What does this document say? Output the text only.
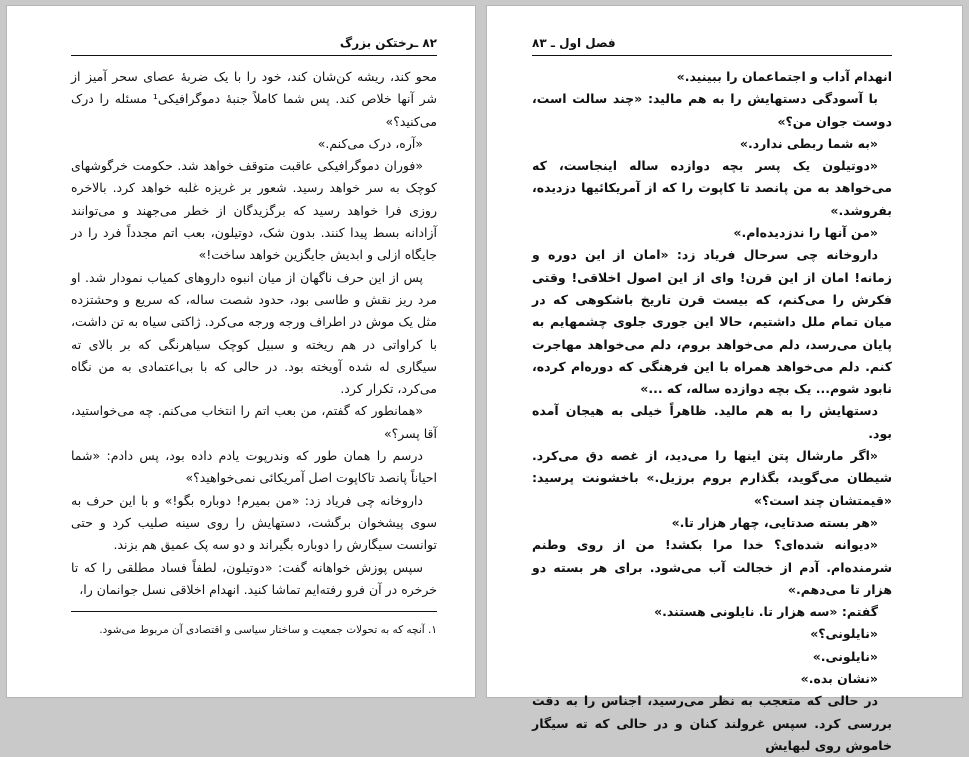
۸۲ ـرختکن بزرگ

محو کند، ریشه کن‌شان کند، خود را با یک ضربهٔ عصای سحر آمیز از شر آنها خلاص کند. پس شما کاملاً جنبهٔ دموگرافیکی¹ مسئله را درک می‌کنید؟»

«آره، درک می‌کنم.»

«فوران دموگرافیکی عاقبت متوقف خواهد شد. حکومت خرگوشهای کوچک به سر خواهد رسید. شعور بر غریزه غلبه خواهد کرد. بالاخره روزی فرا خواهد رسید که برگزیدگان از خطر می‌جهند و می‌توانند آزادانه بسط پیدا کنند. بدون شک، دوتیلون، بعب اتم مجدداً فرد را در جایگاه ازلی و ابدیش جایگزین خواهد ساخت!»

پس از این حرف ناگهان از میان انبوه داروهای کمیاب نمودار شد. او مرد ریز نقش و طاسی بود، حدود شصت ساله، که سریع و وحشتزده مثل یک موش در اطراف ورجه ورجه می‌کرد. ژاکتی سیاه به تن داشت، با کراواتی در هم ریخته و سبیل کوچک سیاهرنگی که بر بالای ته سیگاری له شده آویخته بود. در حالی که با بی‌اعتمادی به من نگاه می‌کرد، تکرار کرد.

«همانطور که گفتم، من بعب اتم را انتخاب می‌کنم. چه می‌خواستید، آقا پسر؟»

درسم را همان طور که وندرپوت یادم داده بود، پس دادم: «شما احیاناً پانصد تاکاپوت اصل آمریکائی نمی‌خواهید؟»

داروخانه چی فریاد زد: «من بمیرم! دوباره بگو!» و با این حرف به سوی پیشخوان برگشت، دستهایش را روی سینه صلیب کرد و حتی توانست سیگارش را دوباره بگیراند و دو سه پک عمیق هم بزند.

سپس پوزش خواهانه گفت: «دوتیلون، لطفاً فساد مطلقی را که تا خرخره در آن فرو رفته‌ایم تماشا کنید. انهدام اخلاقی نسل جوانمان را،

۱. آنچه که به تحولات جمعیت و ساختار سیاسی و اقتصادی آن مربوط می‌شود.
فصل اول ـ ۸۳

انهدام آداب و اجتماعمان را ببینید.»

با آسودگی دستهایش را به هم مالید: «چند سالت است، دوست جوان من؟»

«به شما ربطی ندارد.»

«دوتیلون یک پسر بچه دوازده ساله اینجاست، که می‌خواهد به من پانصد تا کاپوت را که از آمریکائیها دزدیده، بفروشد.»

«من آنها را ندزدیده‌ام.»

داروخانه چی سرحال فریاد زد: «امان از این دوره و زمانه! امان از این قرن! وای از این اصول اخلاقی! وقتی فکرش را می‌کنم، که بیست قرن تاریخ باشکوهی که در میان تمام ملل داشتیم، حالا این جوری جلوی چشمهایم به پایان می‌رسد، دلم می‌خواهد بروم، دلم می‌خواهد مهاجرت کنم. دلم می‌خواهد همراه با این فرهنگی که دوره‌ام کرده، نابود شوم... یک بچه دوازده ساله، که ...»

دستهایش را به هم مالید. ظاهراً خیلی به هیجان آمده بود.

«اگر مارشال پتن اینها را می‌دید، از غصه دق می‌کرد. شیطان می‌گوید، بگذارم بروم برزیل.» باخشونت پرسید: «قیمتشان چند است؟»

«هر بسته صدتایی، چهار هزار تا.»

«دیوانه شده‌ای؟ خدا مرا بکشد! من از روی وطنم شرمنده‌ام. آدم از خجالت آب می‌شود. برای هر بسته دو هزار تا می‌دهم.»

گفتم: «سه هزار تا. نایلونی هستند.»

«نایلونی؟»

«نایلونی.»

«نشان بده.»

در حالی که متعجب به نظر می‌رسید، اجناس را به دقت بررسی کرد. سپس غرولند کنان و در حالی که ته سیگار خاموش روی لبهایش
